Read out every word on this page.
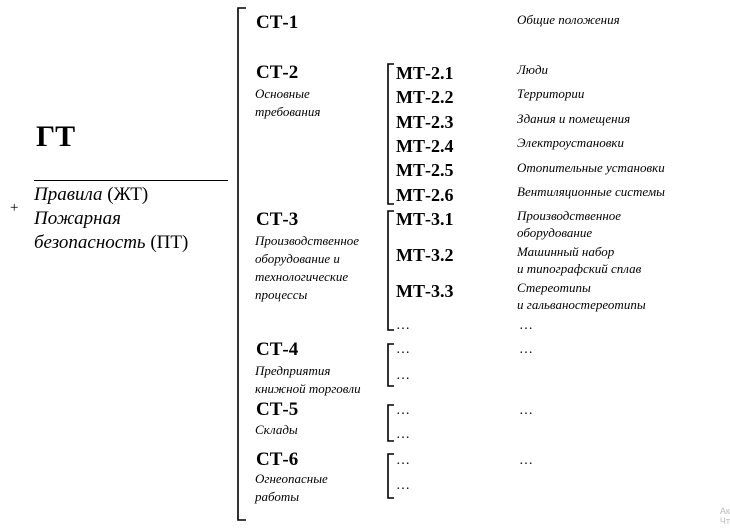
ГТ
+
Правила (ЖТ)
Пожарная
безопасность (ПТ)
СТ-1	Общие положения
СТ-2
Основные
требования
МТ-2.1
МТ-2.2
МТ-2.3
МТ-2.4
МТ-2.5
МТ-2.6
Люди
Территории
Здания и помещения
Электроустановки
Отопительные установки
Вентиляционные системы
СТ-3
Производственное
оборудование и
технологические
процессы
МТ-3.1
МТ-3.2
МТ-3.3
Производственное
оборудование
Машинный набор
и типографский сплав
Стереотипы
и гальваностереотипы
…	…
СТ-4
Предприятия
книжной торговли
…
…
…
СТ-5
Склады
…
…
…
СТ-6
Огнеопасные
работы
…
…
…
Ак
Чт
